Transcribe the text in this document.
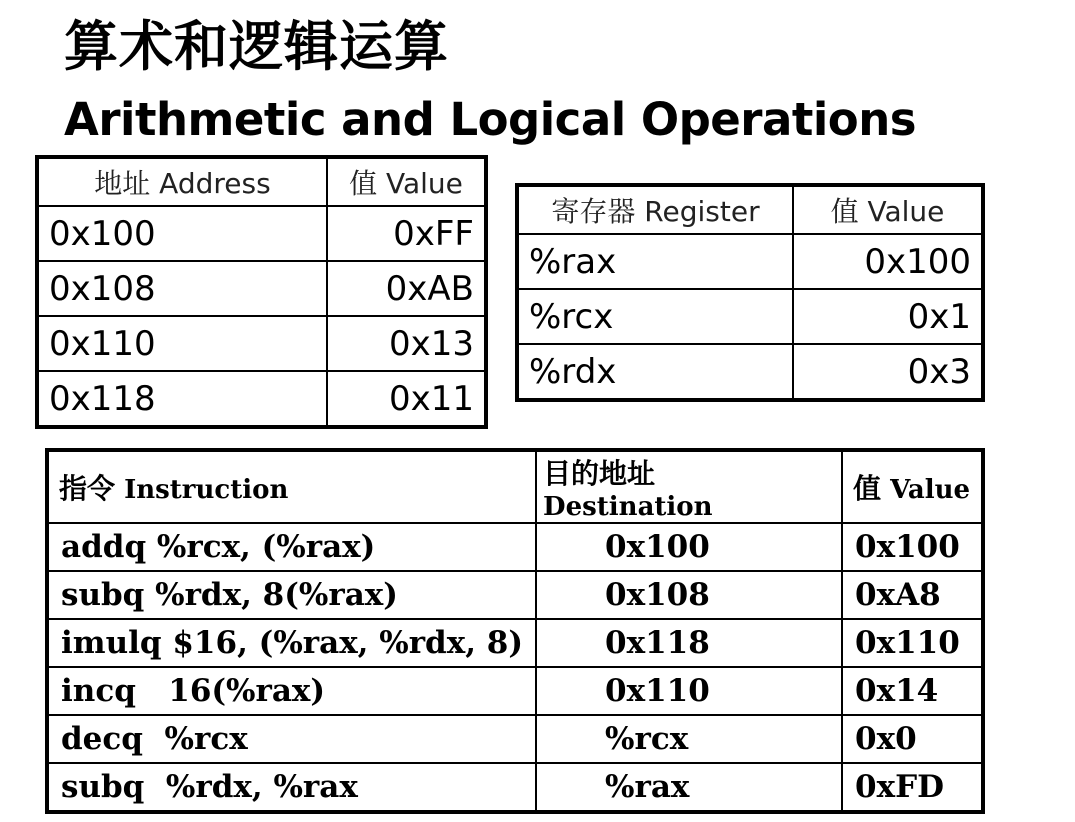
算术和逻辑运算
Arithmetic and Logical Operations
地址 Address	值 Value
0x100	0xFF
0x108	0xAB
0x110	0x13
0x118	0x11
寄存器 Register	值 Value
%rax	0x100
%rcx	0x1
%rdx	0x3
指令 Instruction	目的地址 Destination	值 Value
addq %rcx, (%rax)	0x100	0x100
subq %rdx, 8(%rax)	0x108	0xA8
imulq $16, (%rax, %rdx, 8)	0x118	0x110
incq   16(%rax)	0x110	0x14
decq  %rcx	%rcx	0x0
subq  %rdx, %rax	%rax	0xFD
